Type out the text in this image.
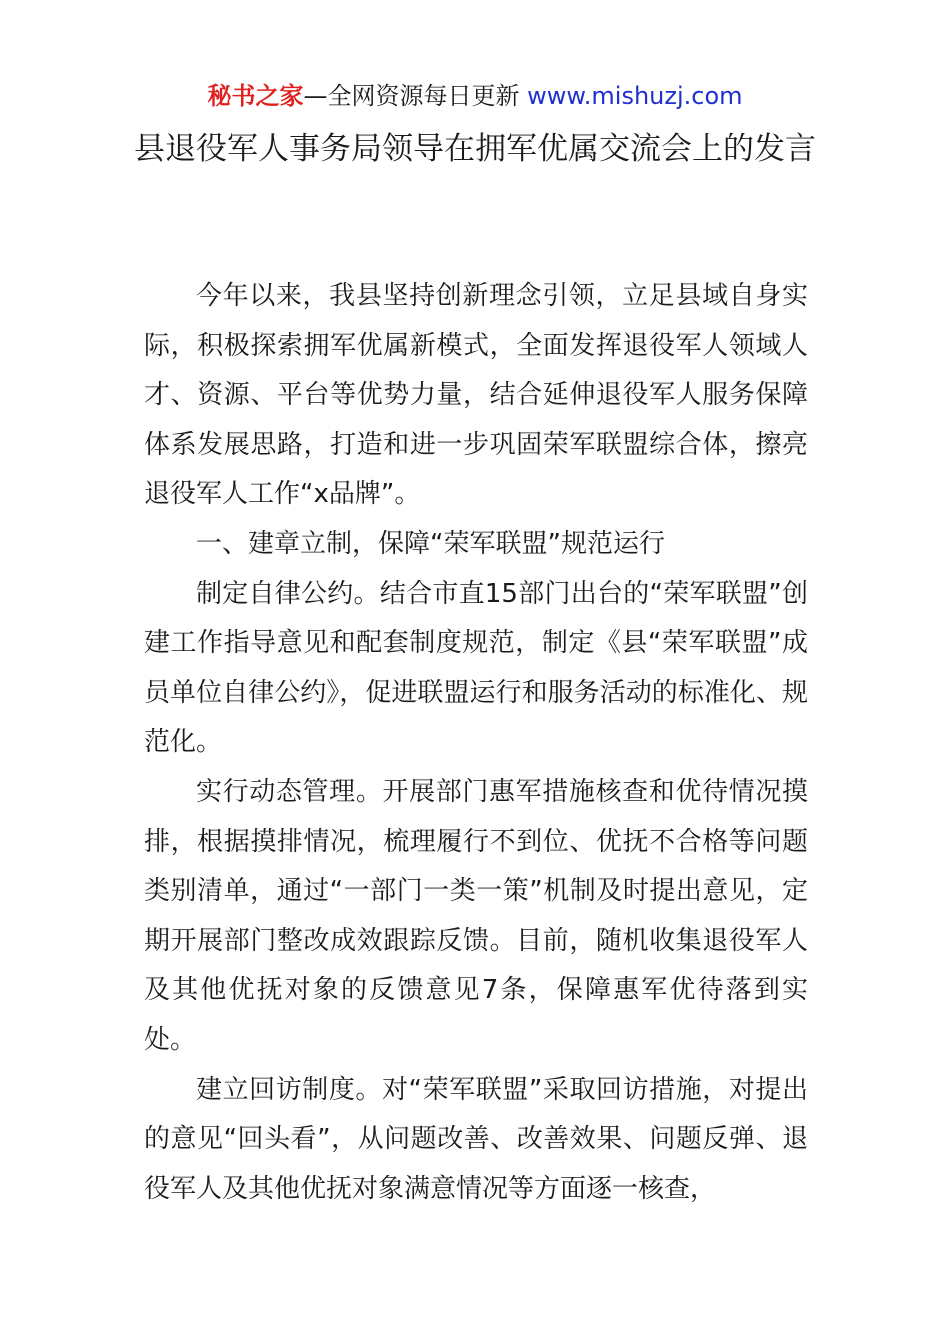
秘书之家—全网资源每日更新 www.mishuzj.com
县退役军人事务局领导在拥军优属交流会上的发言

今年以来，我县坚持创新理念引领，立足县域自身实际，积极探索拥军优属新模式，全面发挥退役军人领域人才、资源、平台等优势力量，结合延伸退役军人服务保障体系发展思路，打造和进一步巩固荣军联盟综合体，擦亮退役军人工作“x品牌”。

一、建章立制，保障“荣军联盟”规范运行

制定自律公约。结合市直15部门出台的“荣军联盟”创建工作指导意见和配套制度规范，制定《县“荣军联盟”成员单位自律公约》，促进联盟运行和服务活动的标准化、规范化。

实行动态管理。开展部门惠军措施核查和优待情况摸排，根据摸排情况，梳理履行不到位、优抚不合格等问题类别清单，通过“一部门一类一策”机制及时提出意见，定期开展部门整改成效跟踪反馈。目前，随机收集退役军人及其他优抚对象的反馈意见7条，保障惠军优待落到实处。

建立回访制度。对“荣军联盟”采取回访措施，对提出的意见“回头看”，从问题改善、改善效果、问题反弹、退役军人及其他优抚对象满意情况等方面逐一核查，
